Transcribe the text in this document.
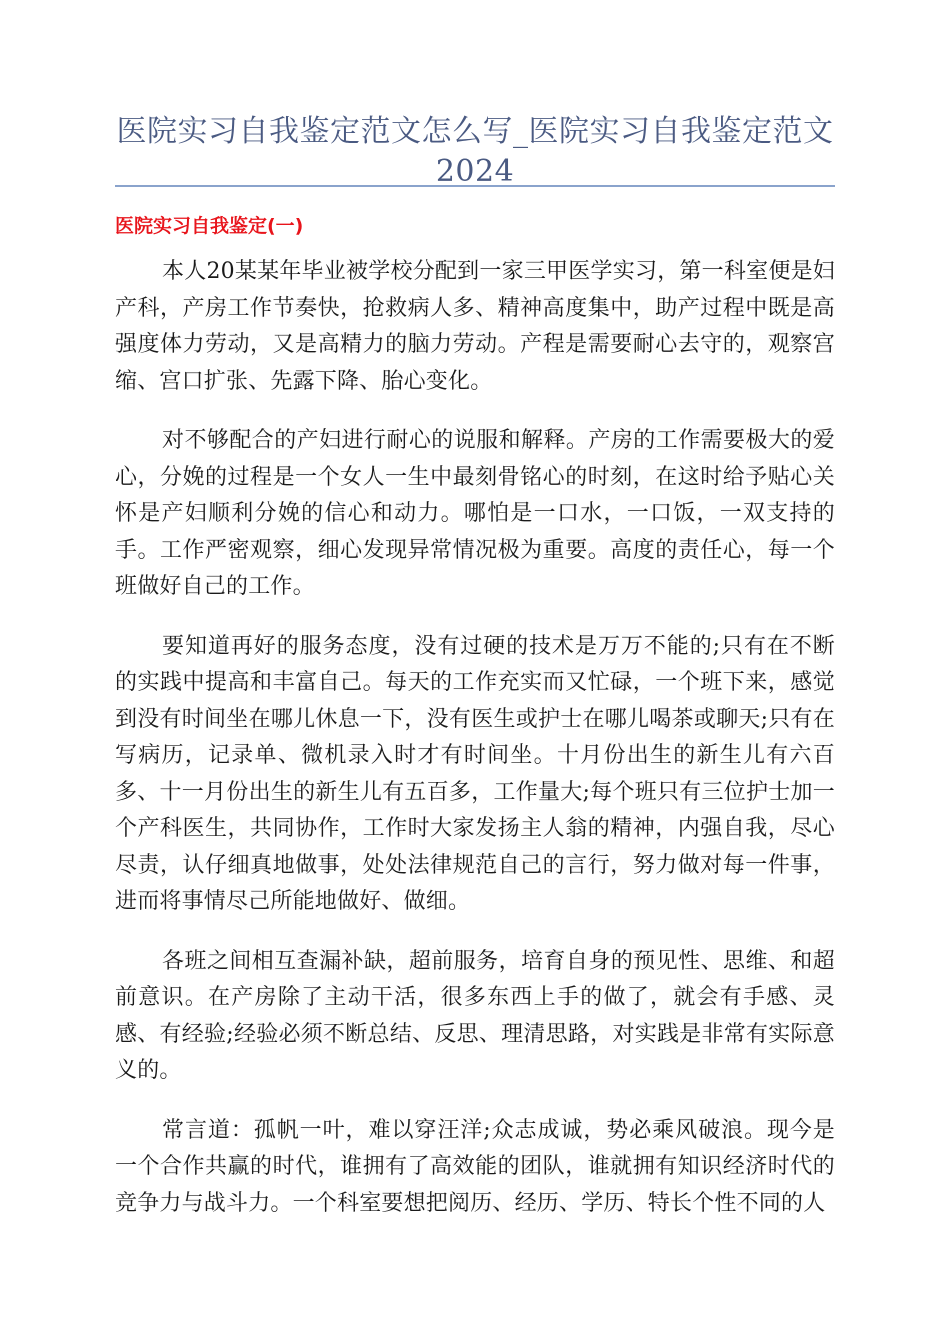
医院实习自我鉴定范文怎么写_医院实习自我鉴定范文2024
医院实习自我鉴定(一)

本人20某某年毕业被学校分配到一家三甲医学实习，第一科室便是妇产科，产房工作节奏快，抢救病人多、精神高度集中，助产过程中既是高强度体力劳动，又是高精力的脑力劳动。产程是需要耐心去守的，观察宫缩、宫口扩张、先露下降、胎心变化。

对不够配合的产妇进行耐心的说服和解释。产房的工作需要极大的爱心，分娩的过程是一个女人一生中最刻骨铭心的时刻，在这时给予贴心关怀是产妇顺利分娩的信心和动力。哪怕是一口水，一口饭，一双支持的手。工作严密观察，细心发现异常情况极为重要。高度的责任心，每一个班做好自己的工作。

要知道再好的服务态度，没有过硬的技术是万万不能的;只有在不断的实践中提高和丰富自己。每天的工作充实而又忙碌，一个班下来，感觉到没有时间坐在哪儿休息一下，没有医生或护士在哪儿喝茶或聊天;只有在写病历，记录单、微机录入时才有时间坐。十月份出生的新生儿有六百多、十一月份出生的新生儿有五百多，工作量大;每个班只有三位护士加一个产科医生，共同协作，工作时大家发扬主人翁的精神，内强自我，尽心尽责，认仔细真地做事，处处法律规范自己的言行，努力做对每一件事，进而将事情尽己所能地做好、做细。

各班之间相互查漏补缺，超前服务，培育自身的预见性、思维、和超前意识。在产房除了主动干活，很多东西上手的做了，就会有手感、灵感、有经验;经验必须不断总结、反思、理清思路，对实践是非常有实际意义的。

常言道：孤帆一叶，难以穿汪洋;众志成诚，势必乘风破浪。现今是一个合作共赢的时代，谁拥有了高效能的团队，谁就拥有知识经济时代的竞争力与战斗力。一个科室要想把阅历、经历、学历、特长个性不同的人
